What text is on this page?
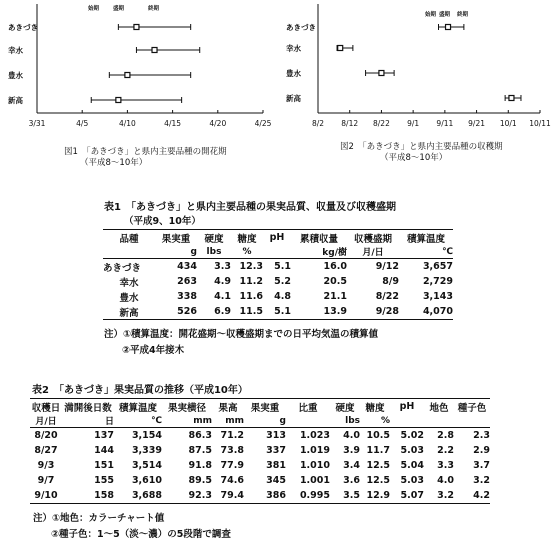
3/31	4/5	4/10	4/15	4/20	4/25
始期	盛期	終期
あきづき
幸水
豊水
新高
図1　「あきづき」と県内主要品種の開花期
（平成8～10年）
8/2 8/12 8/22 9/1 9/11 9/21 10/1 10/11
始期 盛期 終期
あきづき
幸水
豊水
新高
図2　「あきづき」と県内主要品種の収穫期
（平成8～10年）
表1　「あきづき」と県内主要品種の果実品質、収量及び収穫盛期
（平成9、10年）
品種	果実重	硬度	糖度	pH	累積収量	収穫盛期	積算温度
	g	lbs	%		kg/樹	月/日	℃
あきづき	434	3.3	12.3	5.1	16.0	9/12	3,657
幸水	263	4.9	11.2	5.2	20.5	8/9	2,729
豊水	338	4.1	11.6	4.8	21.1	8/22	3,143
新高	526	6.9	11.5	5.1	13.9	9/28	4,070
注）①積算温度：開花盛期～収穫盛期までの日平均気温の積算値
②平成4年接木
表2　「あきづき」果実品質の推移（平成10年）
収穫日	満開後日数	積算温度	果実横径	果高	果実重	比重	硬度	糖度	pH	地色	種子色
月/日	日	℃	mm	mm	g		lbs	%			
8/20	137	3,154	86.3	71.2	313	1.023	4.0	10.5	5.02	2.8	2.3
8/27	144	3,339	87.5	73.8	337	1.019	3.9	11.7	5.03	2.2	2.9
9/3	151	3,514	91.8	77.9	381	1.010	3.4	12.5	5.04	3.3	3.7
9/7	155	3,610	89.5	74.6	345	1.001	3.6	12.5	5.03	4.0	3.2
9/10	158	3,688	92.3	79.4	386	0.995	3.5	12.9	5.07	3.2	4.2
注）①地色：カラーチャート値
②種子色：1～5（淡～濃）の5段階で調査
